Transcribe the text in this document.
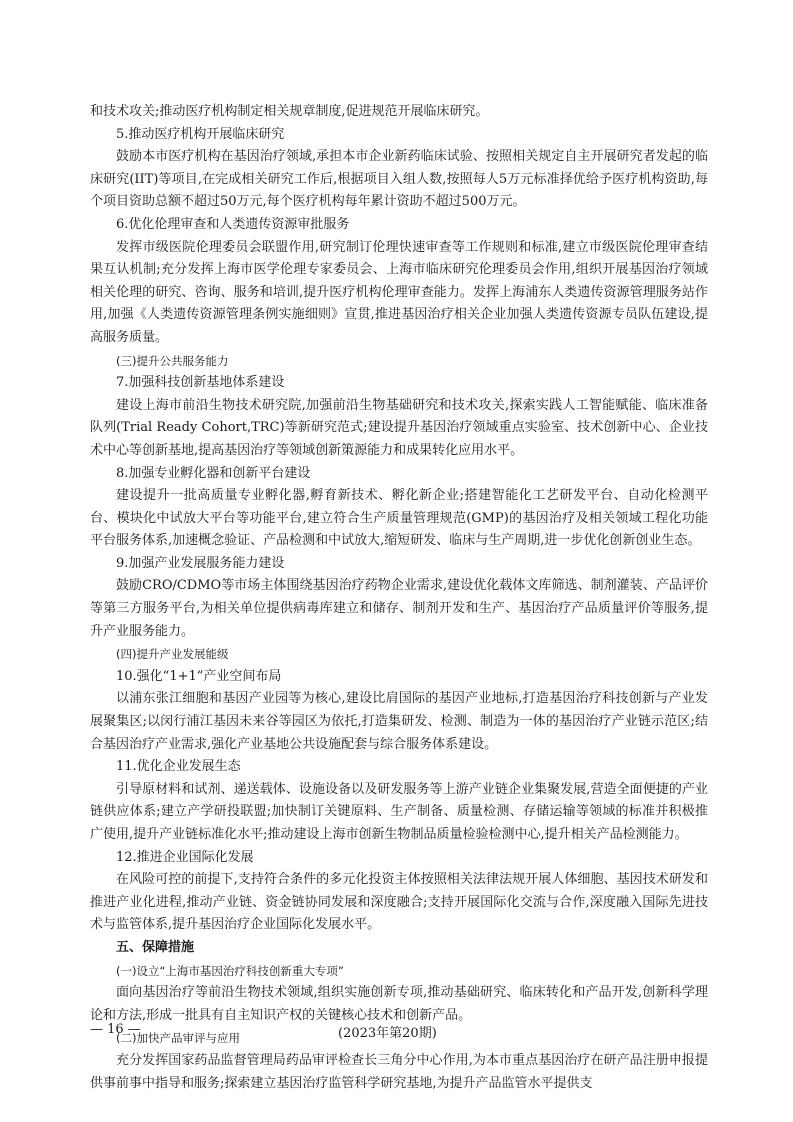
和技术攻关;推动医疗机构制定相关规章制度,促进规范开展临床研究。

5.推动医疗机构开展临床研究

鼓励本市医疗机构在基因治疗领域,承担本市企业新药临床试验、按照相关规定自主开展研究者发起的临床研究(IIT)等项目,在完成相关研究工作后,根据项目入组人数,按照每人5万元标准择优给予医疗机构资助,每个项目资助总额不超过50万元,每个医疗机构每年累计资助不超过500万元。

6.优化伦理审查和人类遗传资源审批服务

发挥市级医院伦理委员会联盟作用,研究制订伦理快速审查等工作规则和标准,建立市级医院伦理审查结果互认机制;充分发挥上海市医学伦理专家委员会、上海市临床研究伦理委员会作用,组织开展基因治疗领域相关伦理的研究、咨询、服务和培训,提升医疗机构伦理审查能力。发挥上海浦东人类遗传资源管理服务站作用,加强《人类遗传资源管理条例实施细则》宣贯,推进基因治疗相关企业加强人类遗传资源专员队伍建设,提高服务质量。

(三)提升公共服务能力

7.加强科技创新基地体系建设

建设上海市前沿生物技术研究院,加强前沿生物基础研究和技术攻关,探索实践人工智能赋能、临床准备队列(Trial Ready Cohort,TRC)等新研究范式;建设提升基因治疗领域重点实验室、技术创新中心、企业技术中心等创新基地,提高基因治疗等领域创新策源能力和成果转化应用水平。

8.加强专业孵化器和创新平台建设

建设提升一批高质量专业孵化器,孵育新技术、孵化新企业;搭建智能化工艺研发平台、自动化检测平台、模块化中试放大平台等功能平台,建立符合生产质量管理规范(GMP)的基因治疗及相关领域工程化功能平台服务体系,加速概念验证、产品检测和中试放大,缩短研发、临床与生产周期,进一步优化创新创业生态。

9.加强产业发展服务能力建设

鼓励CRO/CDMO等市场主体围绕基因治疗药物企业需求,建设优化载体文库筛选、制剂灌装、产品评价等第三方服务平台,为相关单位提供病毒库建立和储存、制剂开发和生产、基因治疗产品质量评价等服务,提升产业服务能力。

(四)提升产业发展能级

10.强化“1+1”产业空间布局

以浦东张江细胞和基因产业园等为核心,建设比肩国际的基因产业地标,打造基因治疗科技创新与产业发展聚集区;以闵行浦江基因未来谷等园区为依托,打造集研发、检测、制造为一体的基因治疗产业链示范区;结合基因治疗产业需求,强化产业基地公共设施配套与综合服务体系建设。

11.优化企业发展生态

引导原材料和试剂、递送载体、设施设备以及研发服务等上游产业链企业集聚发展,营造全面便捷的产业链供应体系;建立产学研投联盟;加快制订关键原料、生产制备、质量检测、存储运输等领域的标准并积极推广使用,提升产业链标准化水平;推动建设上海市创新生物制品质量检验检测中心,提升相关产品检测能力。

12.推进企业国际化发展

在风险可控的前提下,支持符合条件的多元化投资主体按照相关法律法规开展人体细胞、基因技术研发和推进产业化进程,推动产业链、资金链协同发展和深度融合;支持开展国际化交流与合作,深度融入国际先进技术与监管体系,提升基因治疗企业国际化发展水平。

五、保障措施

(一)设立“上海市基因治疗科技创新重大专项”

面向基因治疗等前沿生物技术领域,组织实施创新专项,推动基础研究、临床转化和产品开发,创新科学理论和方法,形成一批具有自主知识产权的关键核心技术和创新产品。

(二)加快产品审评与应用

充分发挥国家药品监督管理局药品审评检查长三角分中心作用,为本市重点基因治疗在研产品注册申报提供事前事中指导和服务;探索建立基因治疗监管科学研究基地,为提升产品监管水平提供支

— 16 —	(2023年第20期)
